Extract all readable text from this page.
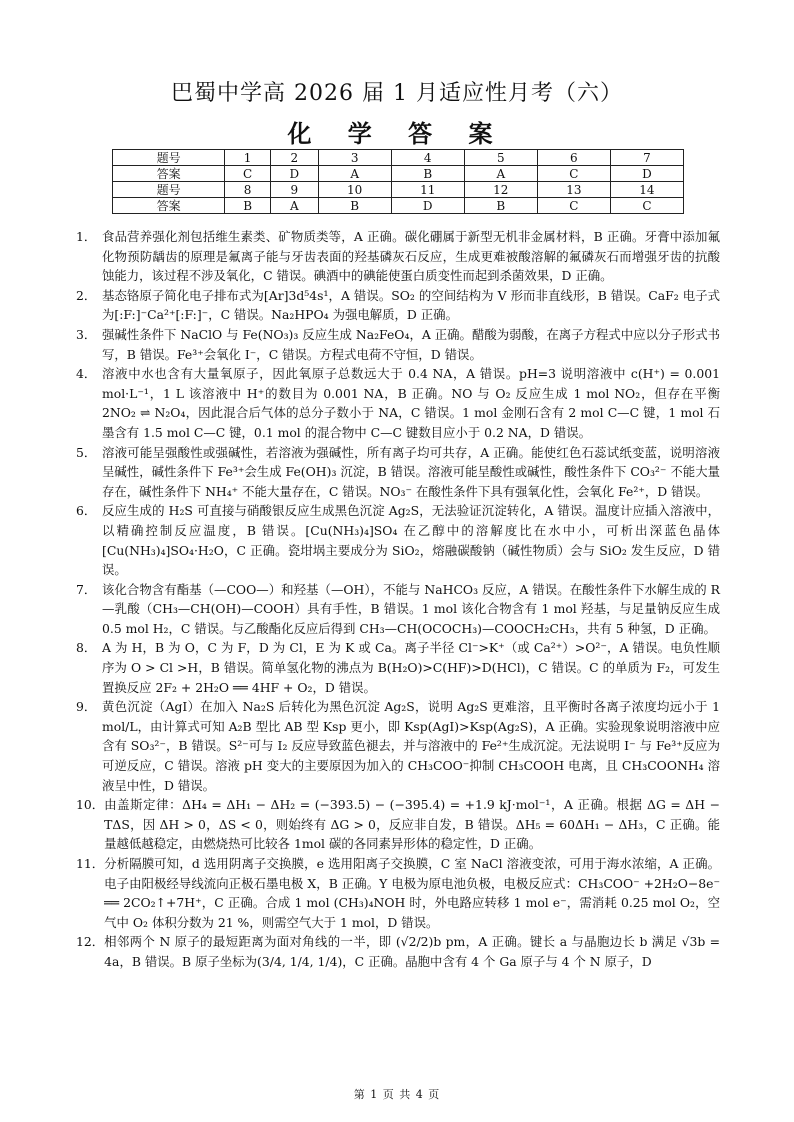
巴蜀中学高 2026 届 1 月适应性月考（六）
化 学 答 案
题号	1	2	3	4	5	6	7
答案	C	D	A	B	A	C	D
题号	8	9	10	11	12	13	14
答案	B	A	B	D	B	C	C
1． 食品营养强化剂包括维生素类、矿物质类等，A 正确。碳化硼属于新型无机非金属材料，B 正确。牙膏中添加氟化物预防龋齿的原理是氟离子能与牙齿表面的羟基磷灰石反应，生成更难被酸溶解的氟磷灰石而增强牙齿的抗酸蚀能力，该过程不涉及氧化，C 错误。碘酒中的碘能使蛋白质变性而起到杀菌效果，D 正确。
2． 基态铬原子简化电子排布式为[Ar]3d⁵4s¹，A 错误。SO₂ 的空间结构为 V 形而非直线形，B 错误。CaF₂ 电子式为[:F:]⁻Ca²⁺[:F:]⁻，C 错误。Na₂HPO₄ 为强电解质，D 正确。
3． 强碱性条件下 NaClO 与 Fe(NO₃)₃ 反应生成 Na₂FeO₄，A 正确。醋酸为弱酸，在离子方程式中应以分子形式书写，B 错误。Fe³⁺会氧化 I⁻，C 错误。方程式电荷不守恒，D 错误。
4． 溶液中水也含有大量氧原子，因此氧原子总数远大于 0.4 NA，A 错误。pH=3 说明溶液中 c(H⁺) = 0.001 mol·L⁻¹，1 L 该溶液中 H⁺的数目为 0.001 NA，B 正确。NO 与 O₂ 反应生成 1 mol NO₂，但存在平衡 2NO₂ ⇌ N₂O₄，因此混合后气体的总分子数小于 NA，C 错误。1 mol 金刚石含有 2 mol C—C 键，1 mol 石墨含有 1.5 mol C—C 键，0.1 mol 的混合物中 C—C 键数目应小于 0.2 NA，D 错误。
5． 溶液可能呈强酸性或强碱性，若溶液为强碱性，所有离子均可共存，A 正确。能使红色石蕊试纸变蓝，说明溶液呈碱性，碱性条件下 Fe³⁺会生成 Fe(OH)₃ 沉淀，B 错误。溶液可能呈酸性或碱性，酸性条件下 CO₃²⁻ 不能大量存在，碱性条件下 NH₄⁺ 不能大量存在，C 错误。NO₃⁻ 在酸性条件下具有强氧化性，会氧化 Fe²⁺，D 错误。
6． 反应生成的 H₂S 可直接与硝酸银反应生成黑色沉淀 Ag₂S，无法验证沉淀转化，A 错误。温度计应插入溶液中，以精确控制反应温度，B 错误。[Cu(NH₃)₄]SO₄ 在乙醇中的溶解度比在水中小，可析出深蓝色晶体 [Cu(NH₃)₄]SO₄·H₂O，C 正确。瓷坩埚主要成分为 SiO₂，熔融碳酸钠（碱性物质）会与 SiO₂ 发生反应，D 错误。
7． 该化合物含有酯基（—COO—）和羟基（—OH），不能与 NaHCO₃ 反应，A 错误。在酸性条件下水解生成的 R—乳酸（CH₃—CH(OH)—COOH）具有手性，B 错误。1 mol 该化合物含有 1 mol 羟基，与足量钠反应生成 0.5 mol H₂，C 错误。与乙酸酯化反应后得到 CH₃—CH(OCOCH₃)—COOCH₂CH₃，共有 5 种氢，D 正确。
8． A 为 H，B 为 O，C 为 F，D 为 Cl，E 为 K 或 Ca。离子半径 Cl⁻>K⁺（或 Ca²⁺）>O²⁻，A 错误。电负性顺序为 O > Cl >H，B 错误。简单氢化物的沸点为 B(H₂O)>C(HF)>D(HCl)，C 错误。C 的单质为 F₂，可发生置换反应 2F₂ + 2H₂O ══ 4HF + O₂，D 错误。
9． 黄色沉淀（AgI）在加入 Na₂S 后转化为黑色沉淀 Ag₂S，说明 Ag₂S 更难溶，且平衡时各离子浓度均远小于 1 mol/L，由计算式可知 A₂B 型比 AB 型 Ksp 更小，即 Ksp(AgI)>Ksp(Ag₂S)，A 正确。实验现象说明溶液中应含有 SO₃²⁻，B 错误。S²⁻可与 I₂ 反应导致蓝色褪去，并与溶液中的 Fe²⁺生成沉淀。无法说明 I⁻ 与 Fe³⁺反应为可逆反应，C 错误。溶液 pH 变大的主要原因为加入的 CH₃COO⁻抑制 CH₃COOH 电离，且 CH₃COONH₄ 溶液呈中性，D 错误。
10． 由盖斯定律：ΔH₄ = ΔH₁ − ΔH₂ = (−393.5) − (−395.4) = +1.9 kJ·mol⁻¹，A 正确。根据 ΔG = ΔH − TΔS，因 ΔH > 0，ΔS < 0，则始终有 ΔG > 0，反应非自发，B 错误。ΔH₅ = 60ΔH₁ − ΔH₃，C 正确。能量越低越稳定，由燃烧热可比较各 1mol 碳的各同素异形体的稳定性，D 正确。
11． 分析隔膜可知，d 选用阴离子交换膜，e 选用阳离子交换膜，C 室 NaCl 溶液变浓，可用于海水浓缩，A 正确。电子由阳极经导线流向正极石墨电极 X，B 正确。Y 电极为原电池负极，电极反应式：CH₃COO⁻ +2H₂O−8e⁻ ══ 2CO₂↑+7H⁺，C 正确。合成 1 mol (CH₃)₄NOH 时，外电路应转移 1 mol e⁻，需消耗 0.25 mol O₂，空气中 O₂ 体积分数为 21 %，则需空气大于 1 mol，D 错误。
12． 相邻两个 N 原子的最短距离为面对角线的一半，即 (√2/2)b pm，A 正确。键长 a 与晶胞边长 b 满足 √3b = 4a，B 错误。B 原子坐标为(3/4, 1/4, 1/4)，C 正确。晶胞中含有 4 个 Ga 原子与 4 个 N 原子，D
第 1 页 共 4 页
